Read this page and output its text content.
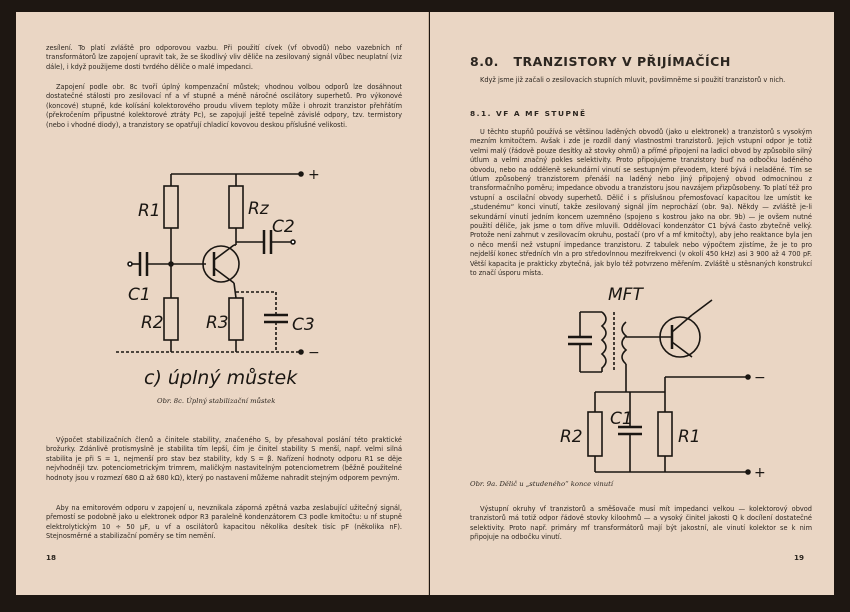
zesílení. To platí zvláště pro odporovou vazbu. Při použití cívek (vf obvodů) nebo vazebních nf transformátorů lze zapojení upravit tak, že se škodlivý vliv děliče na zesilovaný signál vůbec neuplatní (viz dále), i když použijeme dosti tvrdého děliče o malé impedanci.

Zapojení podle obr. 8c tvoří úplný kompenzační můstek; vhodnou volbou odporů lze dosáhnout dostatečné stálosti pro zesilovací nf a vf stupně a méně náročné oscilátory superhetů. Pro výkonové (koncové) stupně, kde kolísání kolektorového proudu vlivem teploty může i ohrozit tranzistor přehřátím (překročením přípustné kolektorové ztráty Pc), se zapojují ještě tepelně závislé odpory, tzv. termistory (nebo i vhodné diody), a tranzistory se opatřují chladicí kovovou deskou příslušné velikosti.

+
−
R1
R2
Rz
R3
C1
C2
C3
c) úplný můstek
Obr. 8c. Úplný stabilizační můstek

Výpočet stabilizačních členů a činitele stability, značeného S, by přesahoval poslání této praktické brožurky. Zdánlivě protismyslně je stabilita tím lepší, čím je činitel stability S menší, např. velmi silná stabilita je při S = 1, nejmenší pro stav bez stability, kdy S = β. Nařízení hodnoty odporu R1 se děje nejvhodněji tzv. potenciometrickým trimrem, maličkým nastavitelným potenciometrem (běžně použitelné hodnoty jsou v rozmezí 680 Ω až 680 kΩ), který po nastavení můžeme nahradit stejným odporem pevným.

Aby na emitorovém odporu v zapojení u, nevznikala záporná zpětná vazba zeslabující užitečný signál, přemostí se podobně jako u elektronek odpor R3 paralelně kondenzátorem C3 podle kmitočtu: u nf stupně elektrolytickým 10 ÷ 50 µF, u vf a oscilátorů kapacitou několika desítek tisíc pF (několika nF). Stejnosměrné a stabilizační poměry se tím nemění.

18
8.0.   TRANZISTORY V PŘIJÍMAČÍCH

Když jsme již začali o zesilovacích stupních mluvit, povšimněme si použití tranzistorů v nich.

8.1. VF A MF STUPNĚ

U těchto stupňů používá se většinou laděných obvodů (jako u elektronek) a tranzistorů s vysokým mezním kmitočtem. Avšak i zde je rozdíl daný vlastnostmi tranzistorů. Jejich vstupní odpor je totiž velmi malý (řádově pouze desítky až stovky ohmů) a přímé připojení na ladicí obvod by způsobilo silný útlum a velmi značný pokles selektivity. Proto připojujeme tranzistory buď na odbočku laděného obvodu, nebo na odděleně sekundární vinutí se sestupným převodem, které bývá i neladěné. Tím se útlum způsobený tranzistorem přenáší na laděný nebo jiný připojený obvod odmocninou z transformačního poměru; impedance obvodu a tranzistoru jsou navzájem přizpůsobeny. To platí též pro vstupní a oscilační obvody superhetů. Dělič i s příslušnou přemosťovací kapacitou lze umístit ke „studenému“ konci vinutí, takže zesilovaný signál jím neprochází (obr. 9a). Někdy — zvláště je-li sekundární vinutí jedním koncem uzemněno (spojeno s kostrou jako na obr. 9b) — je ovšem nutné použití děliče, jak jsme o tom dříve mluvili. Oddělovací kondenzátor C1 bývá často zbytečně velký. Protože není zahrnut v zesilovacím okruhu, postačí (pro vf a mf kmitočty), aby jeho reaktance byla jen o něco menší než vstupní impedance tranzistoru. Z tabulek nebo výpočtem zjistíme, že je to pro nejdelší konec středních vln a pro středovlnnou mezifrekvenci (v okolí 450 kHz) asi 3 900 až 4 700 pF. Větší kapacita je prakticky zbytečná, jak bylo též potvrzeno měřením. Zvláště u stěsnaných konstrukcí to značí úsporu místa.

MFT
R2
C1
R1
−
+
Obr. 9a. Dělič u „studeného“ konce vinutí

Výstupní okruhy vf tranzistorů a směšovače musí mít impedanci velkou — kolektorový obvod tranzistorů má totiž odpor řádově stovky kiloohmů — a vysoký činitel jakosti Q k docílení dostatečné selektivity. Proto např. primáry mf transformátorů mají být jakostní, ale vinutí kolektor se k nim připojuje na odbočku vinutí.

19
